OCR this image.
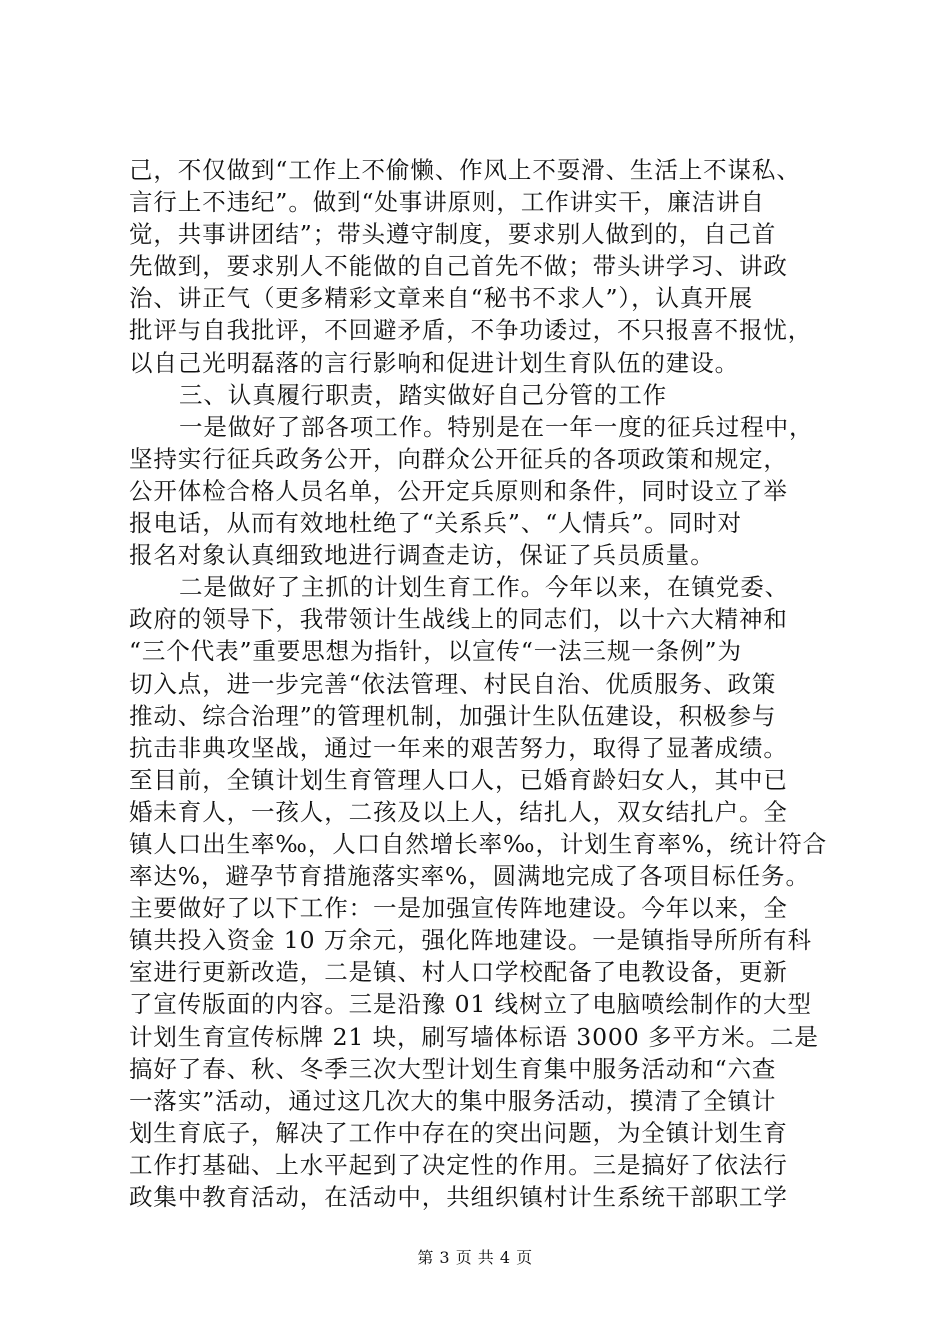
己，不仅做到“工作上不偷懒、作风上不耍滑、生活上不谋私、
言行上不违纪”。做到“处事讲原则，工作讲实干，廉洁讲自
觉，共事讲团结”；带头遵守制度，要求别人做到的，自己首
先做到，要求别人不能做的自己首先不做；带头讲学习、讲政
治、讲正气（更多精彩文章来自“秘书不求人”），认真开展
批评与自我批评，不回避矛盾，不争功诿过，不只报喜不报忧，
以自己光明磊落的言行影响和促进计划生育队伍的建设。
三、认真履行职责，踏实做好自己分管的工作
一是做好了部各项工作。特别是在一年一度的征兵过程中，
坚持实行征兵政务公开，向群众公开征兵的各项政策和规定，
公开体检合格人员名单，公开定兵原则和条件，同时设立了举
报电话，从而有效地杜绝了“关系兵”、“人情兵”。同时对
报名对象认真细致地进行调查走访，保证了兵员质量。
二是做好了主抓的计划生育工作。今年以来，在镇党委、
政府的领导下，我带领计生战线上的同志们，以十六大精神和
“三个代表”重要思想为指针，以宣传“一法三规一条例”为
切入点，进一步完善“依法管理、村民自治、优质服务、政策
推动、综合治理”的管理机制，加强计生队伍建设，积极参与
抗击非典攻坚战，通过一年来的艰苦努力，取得了显著成绩。
至目前，全镇计划生育管理人口人，已婚育龄妇女人，其中已
婚未育人，一孩人，二孩及以上人，结扎人，双女结扎户。全
镇人口出生率‰，人口自然增长率‰，计划生育率%，统计符合
率达%，避孕节育措施落实率%，圆满地完成了各项目标任务。
主要做好了以下工作：一是加强宣传阵地建设。今年以来，全
镇共投入资金 10 万余元，强化阵地建设。一是镇指导所所有科
室进行更新改造，二是镇、村人口学校配备了电教设备，更新
了宣传版面的内容。三是沿豫 01 线树立了电脑喷绘制作的大型
计划生育宣传标牌 21 块，刷写墙体标语 3000 多平方米。二是
搞好了春、秋、冬季三次大型计划生育集中服务活动和“六查
一落实”活动，通过这几次大的集中服务活动，摸清了全镇计
划生育底子，解决了工作中存在的突出问题，为全镇计划生育
工作打基础、上水平起到了决定性的作用。三是搞好了依法行
政集中教育活动，在活动中，共组织镇村计生系统干部职工学
第 3 页 共 4 页
